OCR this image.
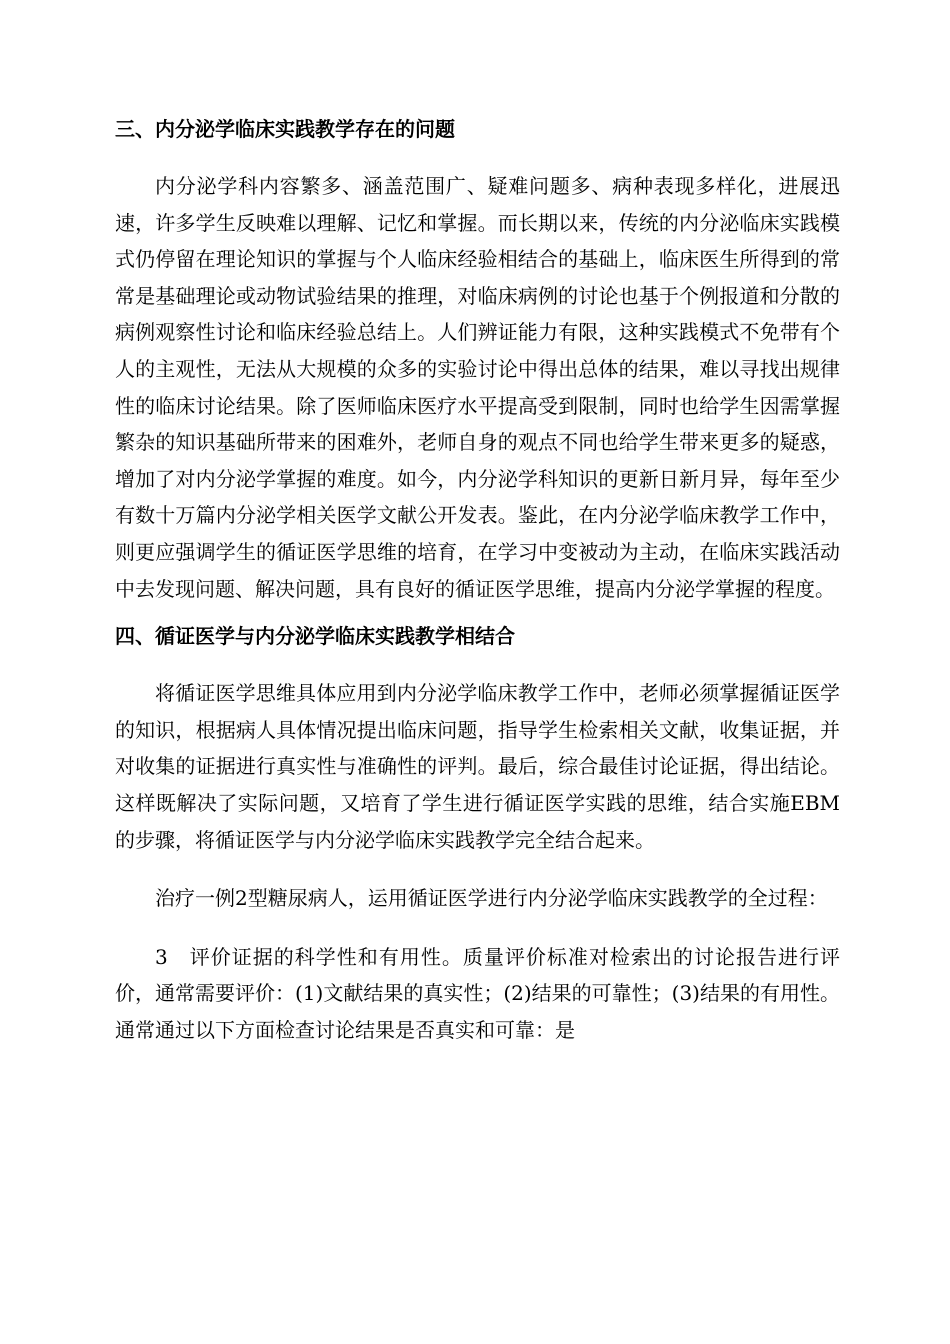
三、内分泌学临床实践教学存在的问题

内分泌学科内容繁多、涵盖范围广、疑难问题多、病种表现多样化，进展迅速，许多学生反映难以理解、记忆和掌握。而长期以来，传统的内分泌临床实践模式仍停留在理论知识的掌握与个人临床经验相结合的基础上，临床医生所得到的常常是基础理论或动物试验结果的推理，对临床病例的讨论也基于个例报道和分散的病例观察性讨论和临床经验总结上。人们辨证能力有限，这种实践模式不免带有个人的主观性，无法从大规模的众多的实验讨论中得出总体的结果，难以寻找出规律性的临床讨论结果。除了医师临床医疗水平提高受到限制，同时也给学生因需掌握繁杂的知识基础所带来的困难外，老师自身的观点不同也给学生带来更多的疑惑，增加了对内分泌学掌握的难度。如今，内分泌学科知识的更新日新月异，每年至少有数十万篇内分泌学相关医学文献公开发表。鉴此，在内分泌学临床教学工作中，则更应强调学生的循证医学思维的培育，在学习中变被动为主动，在临床实践活动中去发现问题、解决问题，具有良好的循证医学思维，提高内分泌学掌握的程度。

四、循证医学与内分泌学临床实践教学相结合

将循证医学思维具体应用到内分泌学临床教学工作中，老师必须掌握循证医学的知识，根据病人具体情况提出临床问题，指导学生检索相关文献，收集证据，并对收集的证据进行真实性与准确性的评判。最后，综合最佳讨论证据，得出结论。这样既解决了实际问题，又培育了学生进行循证医学实践的思维，结合实施EBM的步骤，将循证医学与内分泌学临床实践教学完全结合起来。

治疗一例2型糖尿病人，运用循证医学进行内分泌学临床实践教学的全过程：

3　评价证据的科学性和有用性。质量评价标准对检索出的讨论报告进行评价，通常需要评价：(1)文献结果的真实性；(2)结果的可靠性；(3)结果的有用性。通常通过以下方面检查讨论结果是否真实和可靠：是
